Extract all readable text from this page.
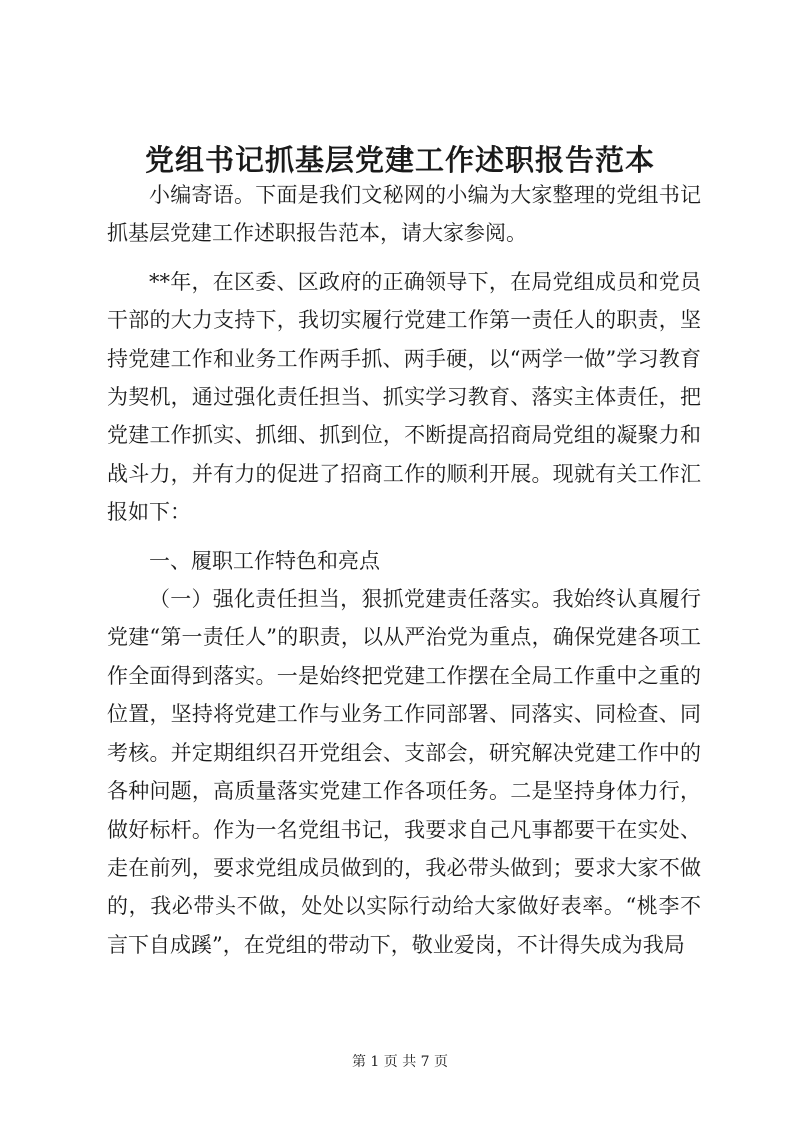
党组书记抓基层党建工作述职报告范本

小编寄语。下面是我们文秘网的小编为大家整理的党组书记抓基层党建工作述职报告范本，请大家参阅。

**年，在区委、区政府的正确领导下，在局党组成员和党员干部的大力支持下，我切实履行党建工作第一责任人的职责，坚持党建工作和业务工作两手抓、两手硬，以“两学一做”学习教育为契机，通过强化责任担当、抓实学习教育、落实主体责任，把党建工作抓实、抓细、抓到位，不断提高招商局党组的凝聚力和战斗力，并有力的促进了招商工作的顺利开展。现就有关工作汇报如下：

一、履职工作特色和亮点

（一）强化责任担当，狠抓党建责任落实。我始终认真履行党建“第一责任人”的职责，以从严治党为重点，确保党建各项工作全面得到落实。一是始终把党建工作摆在全局工作重中之重的位置，坚持将党建工作与业务工作同部署、同落实、同检查、同考核。并定期组织召开党组会、支部会，研究解决党建工作中的各种问题，高质量落实党建工作各项任务。二是坚持身体力行，做好标杆。作为一名党组书记，我要求自己凡事都要干在实处、走在前列，要求党组成员做到的，我必带头做到；要求大家不做的，我必带头不做，处处以实际行动给大家做好表率。“桃李不言下自成蹊”，在党组的带动下，敬业爱岗，不计得失成为我局

第 1 页 共 7 页
